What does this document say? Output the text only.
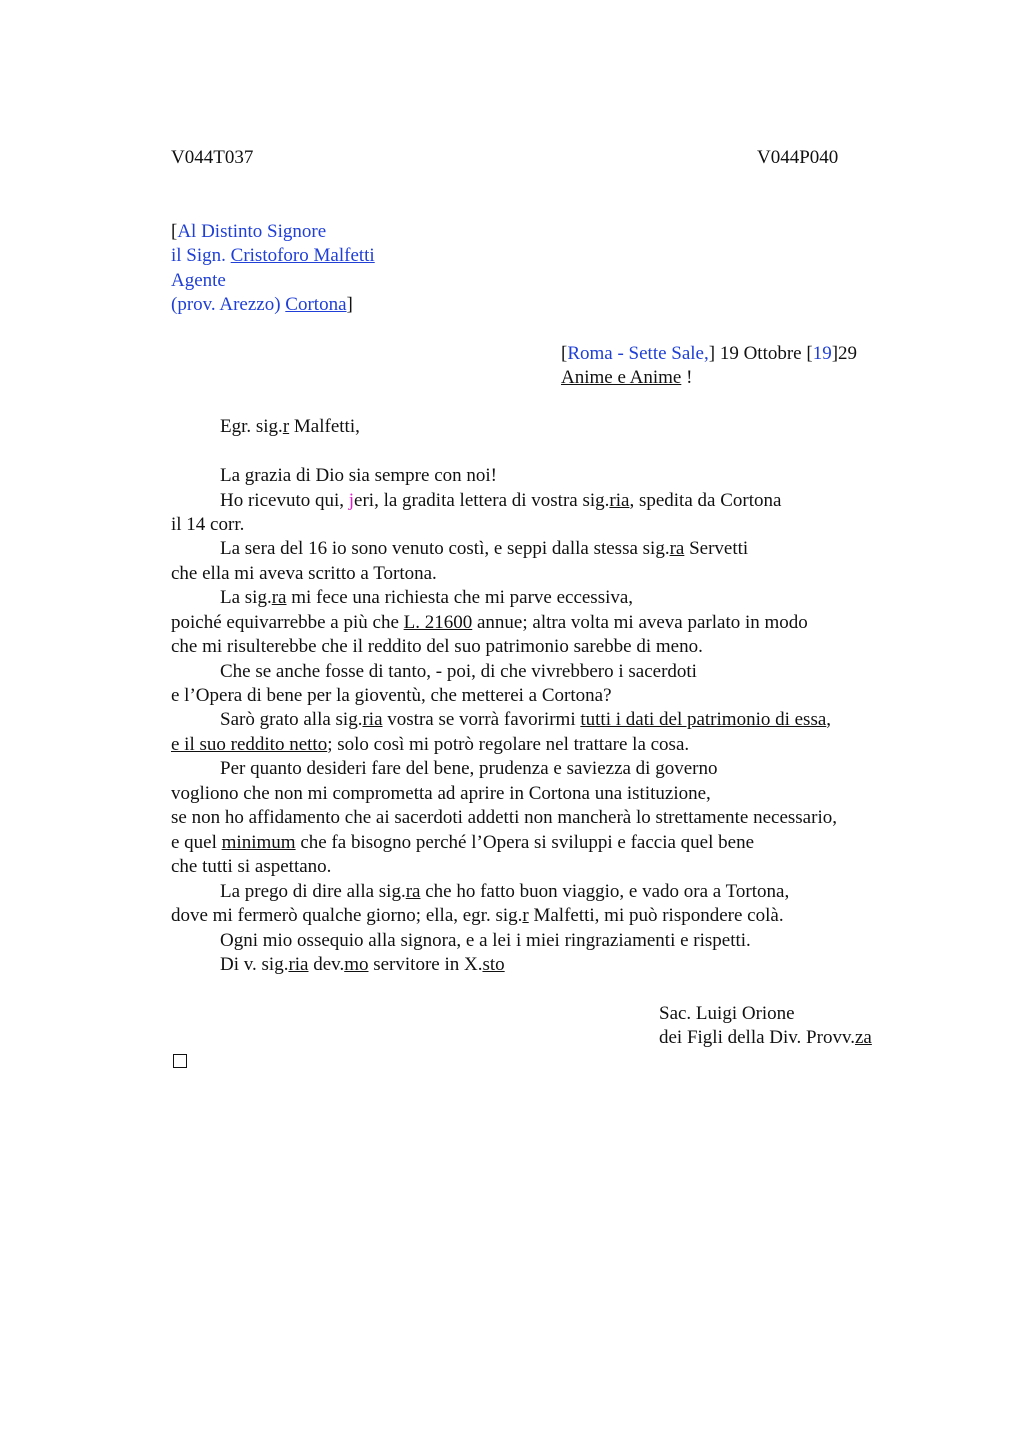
V044T037	V044P040
[Al Distinto Signore
il Sign. Cristoforo Malfetti
Agente
(prov. Arezzo) Cortona]
[Roma - Sette Sale,] 19 Ottobre [19]29
Anime e Anime !
Egr. sig.r Malfetti,
La grazia di Dio sia sempre con noi!
Ho ricevuto qui, jeri, la gradita lettera di vostra sig.ria, spedita da Cortona
il 14 corr.
La sera del 16 io sono venuto costì, e seppi dalla stessa sig.ra Servetti
che ella mi aveva scritto a Tortona.
La sig.ra mi fece una richiesta che mi parve eccessiva,
poiché equivarrebbe a più che L. 21600 annue; altra volta mi aveva parlato in modo
che mi risulterebbe che il reddito del suo patrimonio sarebbe di meno.
Che se anche fosse di tanto, - poi, di che vivrebbero i sacerdoti
e l’Opera di bene per la gioventù, che metterei a Cortona?
Sarò grato alla sig.ria vostra se vorrà favorirmi tutti i dati del patrimonio di essa,
e il suo reddito netto; solo così mi potrò regolare nel trattare la cosa.
Per quanto desideri fare del bene, prudenza e saviezza di governo
vogliono che non mi comprometta ad aprire in Cortona una istituzione,
se non ho affidamento che ai sacerdoti addetti non mancherà lo strettamente necessario,
e quel minimum che fa bisogno perché l’Opera si sviluppi e faccia quel bene
che tutti si aspettano.
La prego di dire alla sig.ra che ho fatto buon viaggio, e vado ora a Tortona,
dove mi fermerò qualche giorno; ella, egr. sig.r Malfetti, mi può rispondere colà.
Ogni mio ossequio alla signora, e a lei i miei ringraziamenti e rispetti.
Di v. sig.ria dev.mo servitore in X.sto
Sac. Luigi Orione
dei Figli della Div. Provv.za
